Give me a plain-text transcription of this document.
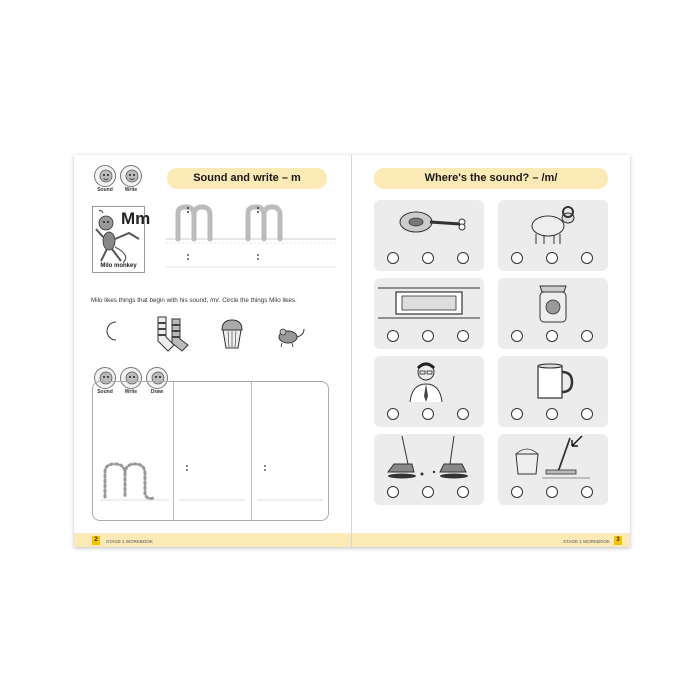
Sound	Write
Sound and write – m
Mm
Milo monkey
Milo likes things that begin with his sound, /m/. Circle the things Milo likes.
Sound	Write	Draw
2	STAGE 1 WORKBOOK
Where's the sound? – /m/
STAGE 1 WORKBOOK	3
